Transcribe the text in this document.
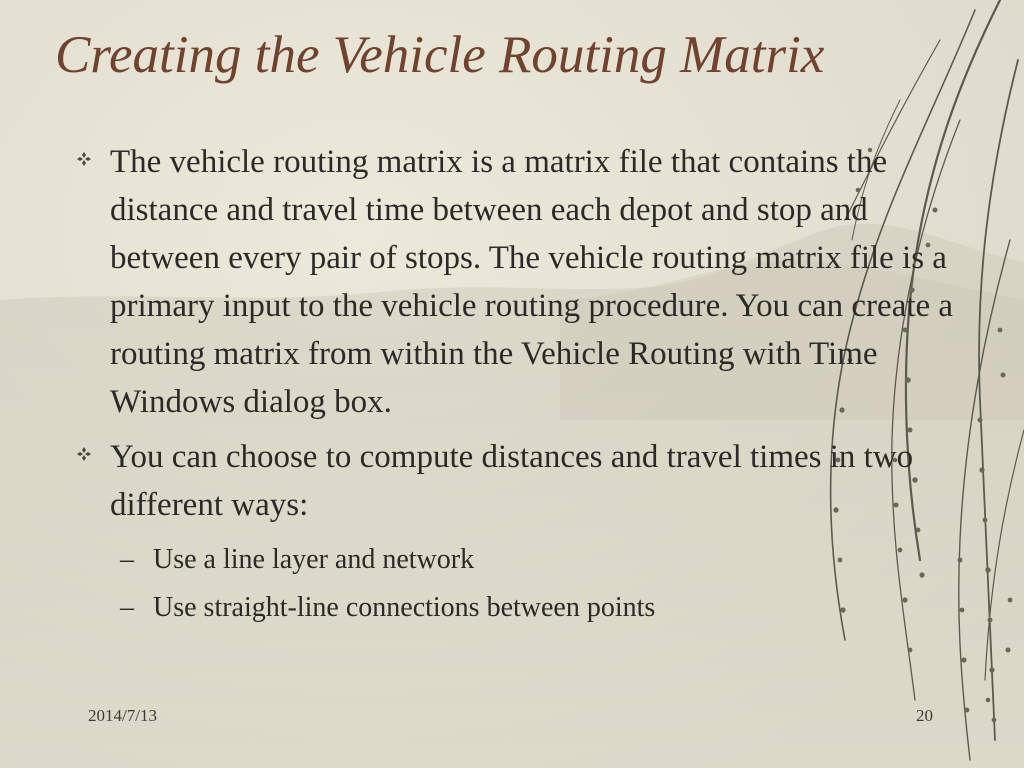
Creating the Vehicle Routing Matrix
The vehicle routing matrix is a matrix file that contains the distance and travel time between each depot and stop and between every pair of stops. The vehicle routing matrix file is a primary input to the vehicle routing procedure. You can create a routing matrix from within the Vehicle Routing with Time Windows dialog box.
You can choose to compute distances and travel times in two different ways:
– Use a line layer and network
– Use straight-line connections between points
2014/7/13	20
